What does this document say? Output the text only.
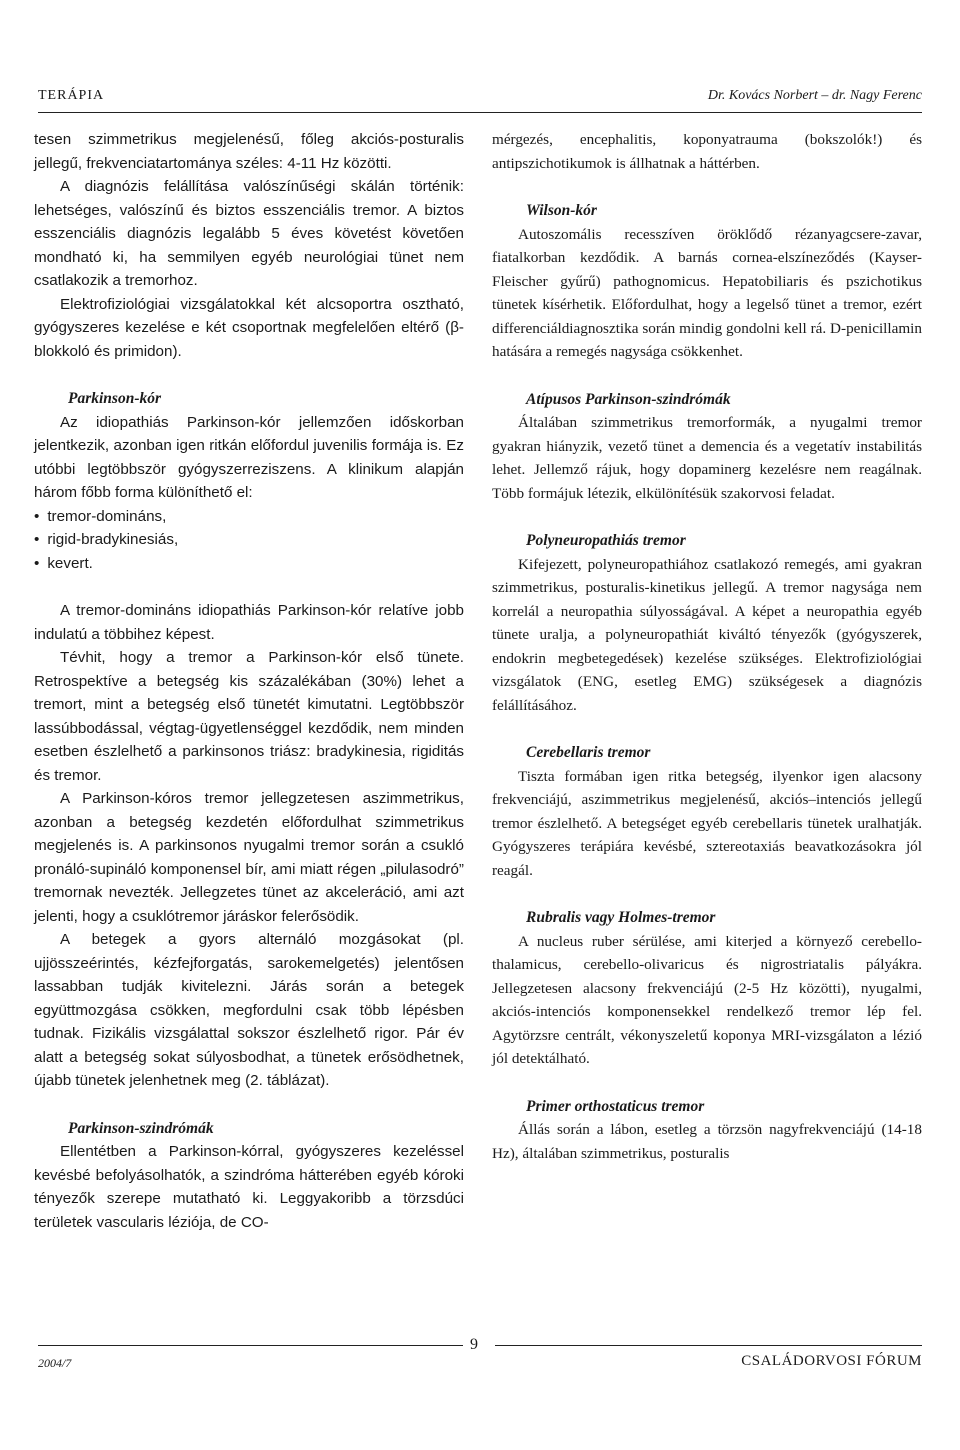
TERÁPIA	Dr. Kovács Norbert – dr. Nagy Ferenc

tesen szimmetrikus megjelenésű, főleg akciós-posturalis jellegű, frekvenciatartománya széles: 4-11 Hz közötti.

A diagnózis felállítása valószínűségi skálán történik: lehetséges, valószínű és biztos esszenciális tremor. A biztos esszenciális diagnózis legalább 5 éves követést követően mondható ki, ha semmilyen egyéb neurológiai tünet nem csatlakozik a tremorhoz.

Elektrofiziológiai vizsgálatokkal két alcsoportra osztható, gyógyszeres kezelése e két csoportnak megfelelően eltérő (β-blokkoló és primidon).

Parkinson-kór

Az idiopathiás Parkinson-kór jellemzően időskorban jelentkezik, azonban igen ritkán előfordul juvenilis formája is. Ez utóbbi legtöbbször gyógyszerreziszens. A klinikum alapján három főbb forma különíthető el:

• tremor-domináns,
• rigid-bradykinesiás,
• kevert.

A tremor-domináns idiopathiás Parkinson-kór relatíve jobb indulatú a többihez képest.

Tévhit, hogy a tremor a Parkinson-kór első tünete. Retrospektíve a betegség kis százalékában (30%) lehet a tremort, mint a betegség első tünetét kimutatni. Legtöbbször lassúbbodással, végtag-ügyetlenséggel kezdődik, nem minden esetben észlelhető a parkinsonos triász: bradykinesia, rigiditás és tremor.

A Parkinson-kóros tremor jellegzetesen aszimmetrikus, azonban a betegség kezdetén előfordulhat szimmetrikus megjelenés is. A parkinsonos nyugalmi tremor során a csukló pronáló-supináló komponensel bír, ami miatt régen „pilulasodró” tremornak nevezték. Jellegzetes tünet az akceleráció, ami azt jelenti, hogy a csuklótremor járáskor felerősödik.

A betegek a gyors alternáló mozgásokat (pl. ujjösszeérintés, kézfejforgatás, sarokemelgetés) jelentősen lassabban tudják kivitelezni. Járás során a betegek együttmozgása csökken, megfordulni csak több lépésben tudnak. Fizikális vizsgálattal sokszor észlelhető rigor. Pár év alatt a betegség sokat súlyosbodhat, a tünetek erősödhetnek, újabb tünetek jelenhetnek meg (2. táblázat).

Parkinson-szindrómák

Ellentétben a Parkinson-kórral, gyógyszeres kezeléssel kevésbé befolyásolhatók, a szindróma hátterében egyéb kóroki tényezők szerepe mutatható ki. Leggyakoribb a törzsdúci területek vascularis léziója, de CO-

mérgezés, encephalitis, koponyatrauma (bokszolók!) és antipszichotikumok is állhatnak a háttérben.

Wilson-kór

Autoszomális recesszíven öröklődő rézanyagcsere-zavar, fiatalkorban kezdődik. A barnás cornea-elszíneződés (Kayser-Fleischer gyűrű) pathognomicus. Hepatobiliaris és pszichotikus tünetek kísérhetik. Előfordulhat, hogy a legelső tünet a tremor, ezért differenciáldiagnosztika során mindig gondolni kell rá. D-penicillamin hatására a remegés nagysága csökkenhet.

Atípusos Parkinson-szindrómák

Általában szimmetrikus tremorformák, a nyugalmi tremor gyakran hiányzik, vezető tünet a demencia és a vegetatív instabilitás lehet. Jellemző rájuk, hogy dopaminerg kezelésre nem reagálnak. Több formájuk létezik, elkülönítésük szakorvosi feladat.

Polyneuropathiás tremor

Kifejezett, polyneuropathiához csatlakozó remegés, ami gyakran szimmetrikus, posturalis-kinetikus jellegű. A tremor nagysága nem korrelál a neuropathia súlyosságával. A képet a neuropathia egyéb tünete uralja, a polyneuropathiát kiváltó tényezők (gyógyszerek, endokrin megbetegedések) kezelése szükséges. Elektrofiziológiai vizsgálatok (ENG, esetleg EMG) szükségesek a diagnózis felállításához.

Cerebellaris tremor

Tiszta formában igen ritka betegség, ilyenkor igen alacsony frekvenciájú, aszimmetrikus megjelenésű, akciós–intenciós jellegű tremor észlelhető. A betegséget egyéb cerebellaris tünetek uralhatják. Gyógyszeres terápiára kevésbé, sztereotaxiás beavatkozásokra jól reagál.

Rubralis vagy Holmes-tremor

A nucleus ruber sérülése, ami kiterjed a környező cerebello-thalamicus, cerebello-olivaricus és nigrostriatalis pályákra. Jellegzetesen alacsony frekvenciájú (2-5 Hz közötti), nyugalmi, akciós-intenciós komponensekkel rendelkező tremor lép fel. Agytörzsre centrált, vékonyszeletű koponya MRI-vizsgálaton a lézió jól detektálható.

Primer orthostaticus tremor

Állás során a lábon, esetleg a törzsön nagyfrekvenciájú (14-18 Hz), általában szimmetrikus, posturalis

9
2004/7	CSALÁDORVOSI FÓRUM
